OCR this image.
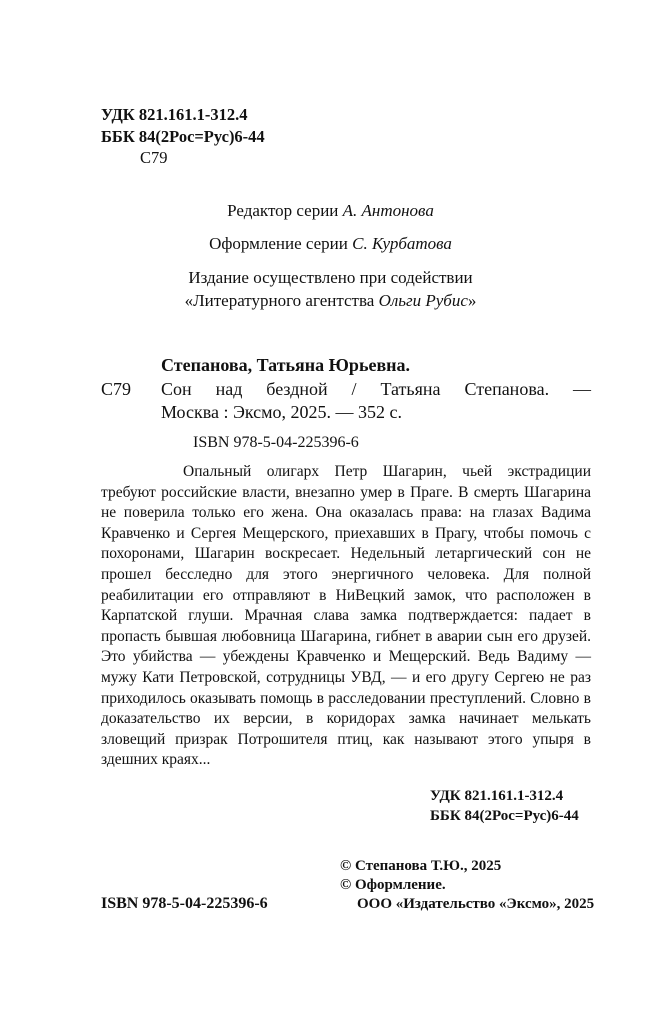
УДК 821.161.1-312.4
ББК 84(2Рос=Рус)6-44
С79
Редактор серии А. Антонова
Оформление серии С. Курбатова
Издание осуществлено при содействии
«Литературного агентства Ольги Рубис»
Степанова, Татьяна Юрьевна.
С79 Сон над бездной / Татьяна Степанова. —
Москва : Эксмо, 2025. — 352 с.
ISBN 978-5-04-225396-6

Опальный олигарх Петр Шагарин, чьей экстрадиции требуют российские власти, внезапно умер в Праге. В смерть Шагарина не поверила только его жена. Она оказалась права: на глазах Вадима Кравченко и Сергея Мещерского, приехавших в Прагу, чтобы помочь с похоронами, Шагарин воскресает. Недельный летаргический сон не прошел бесследно для этого энергичного человека. Для полной реабилитации его отправляют в НиВецкий замок, что расположен в Карпатской глуши. Мрачная слава замка подтверждается: падает в пропасть бывшая любовница Шагарина, гибнет в аварии сын его друзей. Это убийства — убеждены Кравченко и Мещерский. Ведь Вадиму — мужу Кати Петровской, сотрудницы УВД, — и его другу Сергею не раз приходилось оказывать помощь в расследовании преступлений. Словно в доказательство их версии, в коридорах замка начинает мелькать зловещий призрак Потрошителя птиц, как называют этого упыря в здешних краях...

УДК 821.161.1-312.4
ББК 84(2Рос=Рус)6-44
© Степанова Т.Ю., 2025
© Оформление.
ООО «Издательство «Эксмо», 2025
ISBN 978-5-04-225396-6
